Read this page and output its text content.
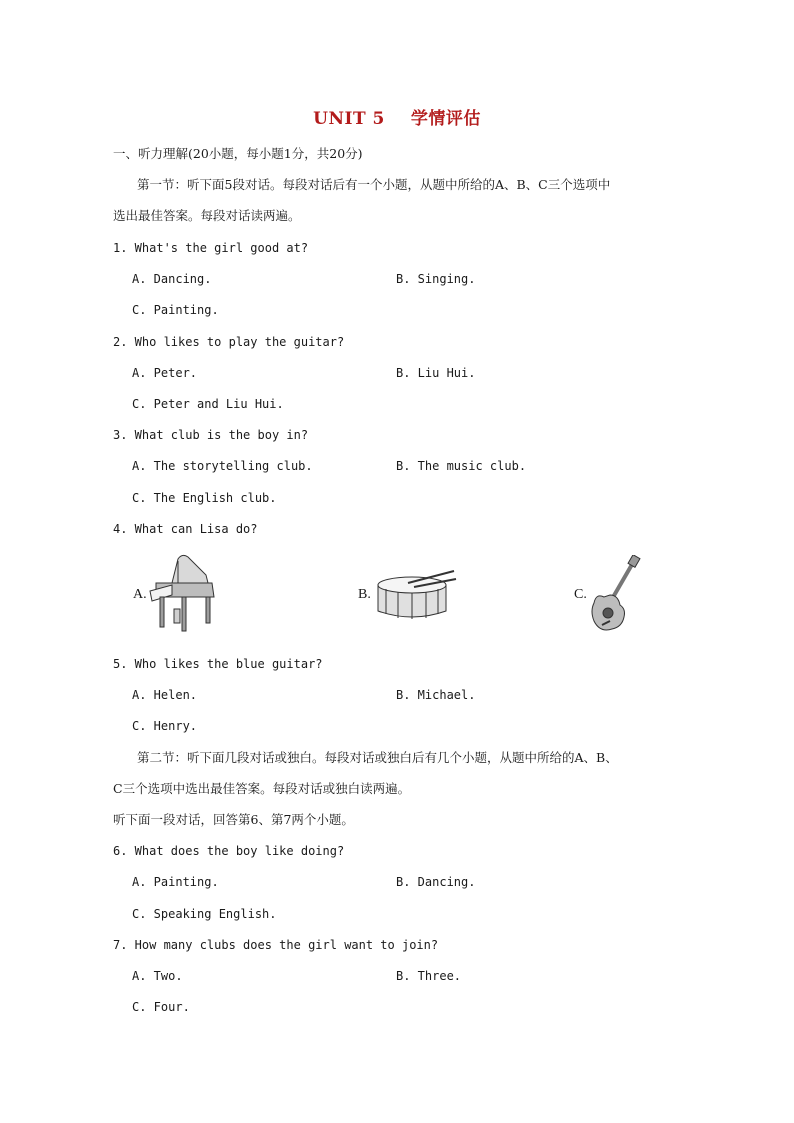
UNIT 5 学情评估
一、听力理解(20小题，每小题1分，共20分)
第一节：听下面5段对话。每段对话后有一个小题，从题中所给的A、B、C三个选项中
选出最佳答案。每段对话读两遍。
1. What's the girl good at?
A. Dancing.	B. Singing.
C. Painting.
2. Who likes to play the guitar?
A. Peter.	B. Liu Hui.
C. Peter and Liu Hui.
3. What club is the boy in?
A. The storytelling club.	B. The music club.
C. The English club.
4. What can Lisa do?
A.	B.	C.
5. Who likes the blue guitar?
A. Helen.	B. Michael.
C. Henry.
第二节：听下面几段对话或独白。每段对话或独白后有几个小题，从题中所给的A、B、
C三个选项中选出最佳答案。每段对话或独白读两遍。
听下面一段对话，回答第6、第7两个小题。
6. What does the boy like doing?
A. Painting.	B. Dancing.
C. Speaking English.
7. How many clubs does the girl want to join?
A. Two.	B. Three.
C. Four.
